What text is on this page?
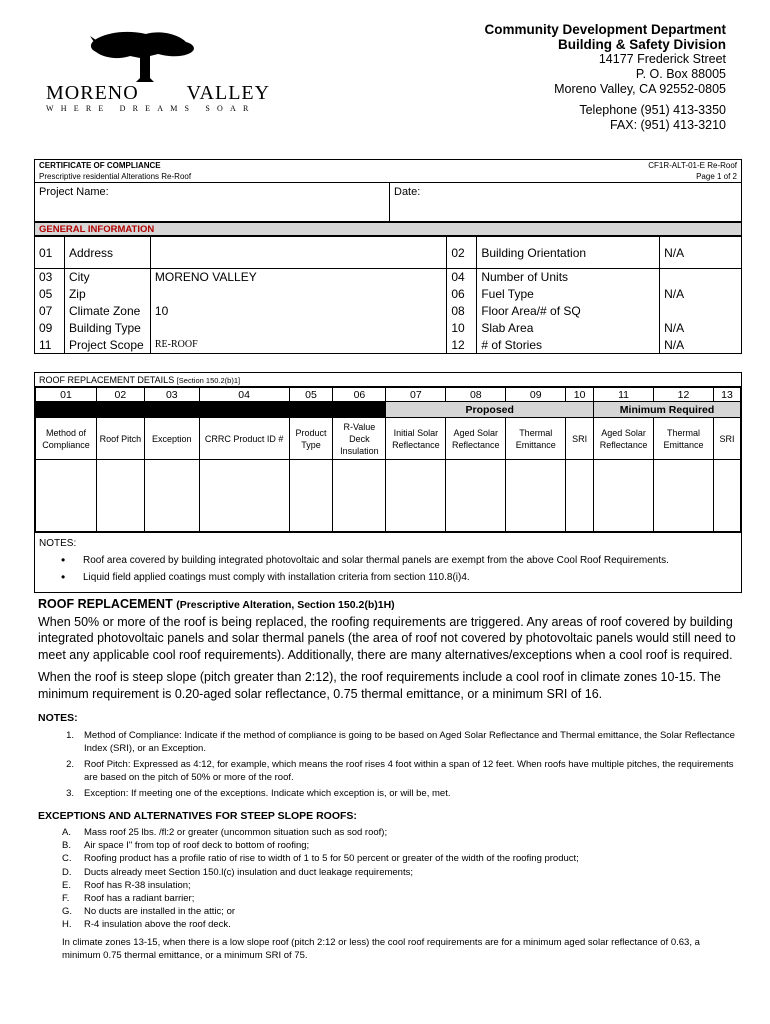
MORENO VALLEY
WHERE DREAMS SOAR
Community Development Department
Building & Safety Division
14177 Frederick Street
P. O. Box 88005
Moreno Valley, CA 92552-0805
Telephone (951) 413-3350
FAX: (951) 413-3210
CERTIFICATE OF COMPLIANCE	CF1R-ALT-01-E Re-Roof
Prescriptive residential Alterations Re-Roof	Page 1 of 2
Project Name:	Date:
GENERAL INFORMATION
01	Address		02	Building Orientation	N/A
03	City	MORENO VALLEY	04	Number of Units	
05	Zip		06	Fuel Type	N/A
07	Climate Zone	10	08	Floor Area/# of SQ	
09	Building Type		10	Slab Area	N/A
11	Project Scope	RE-ROOF	12	# of Stories	N/A
ROOF REPLACEMENT DETAILS [Section 150.2(b)1]
01	02	03	04	05	06	07	08	09	10	11	12	13
						Proposed				Minimum Required		
Method of Compliance	Roof Pitch	Exception	CRRC Product ID #	Product Type	R-Value Deck Insulation	Initial Solar Reflectance	Aged Solar Reflectance	Thermal Emittance	SRI	Aged Solar Reflectance	Thermal Emittance	SRI

NOTES:
• Roof area covered by building integrated photovoltaic and solar thermal panels are exempt from the above Cool Roof Requirements.
• Liquid field applied coatings must comply with installation criteria from section 110.8(i)4.
ROOF REPLACEMENT (Prescriptive Alteration, Section 150.2(b)1H)

When 50% or more of the roof is being replaced, the roofing requirements are triggered. Any areas of roof covered by building integrated photovoltaic panels and solar thermal panels (the area of roof not covered by photovoltaic panels would still need to meet any applicable cool roof requirements). Additionally, there are many alternatives/exceptions when a cool roof is required.

When the roof is steep slope (pitch greater than 2:12), the roof requirements include a cool roof in climate zones 10-15. The minimum requirement is 0.20-aged solar reflectance, 0.75 thermal emittance, or a minimum SRI of 16.

NOTES:
1.	Method of Compliance: Indicate if the method of compliance is going to be based on Aged Solar Reflectance and Thermal emittance, the Solar Reflectance Index (SRI), or an Exception.
2.	Roof Pitch: Expressed as 4:12, for example, which means the roof rises 4 foot within a span of 12 feet. When roofs have multiple pitches, the requirements are based on the pitch of 50% or more of the roof.
3.	Exception: If meeting one of the exceptions. Indicate which exception is, or will be, met.
EXCEPTIONS AND ALTERNATIVES FOR STEEP SLOPE ROOFS:
A.	Mass roof 25 lbs. /fl:2 or greater (uncommon situation such as sod roof);
B.	Air space I" from top of roof deck to bottom of roofing;
C.	Roofing product has a profile ratio of rise to width of 1 to 5 for 50 percent or greater of the width of the roofing product;
D.	Ducts already meet Section 150.l(c) insulation and duct leakage requirements;
E.	Roof has R-38 insulation;
F.	Roof has a radiant barrier;
G.	No ducts are installed in the attic; or
H.	R-4 insulation above the roof deck.
In climate zones 13-15, when there is a low slope roof (pitch 2:12 or less) the cool roof requirements are for a minimum aged solar reflectance of 0.63, a minimum 0.75 thermal emittance, or a minimum SRI of 75.
